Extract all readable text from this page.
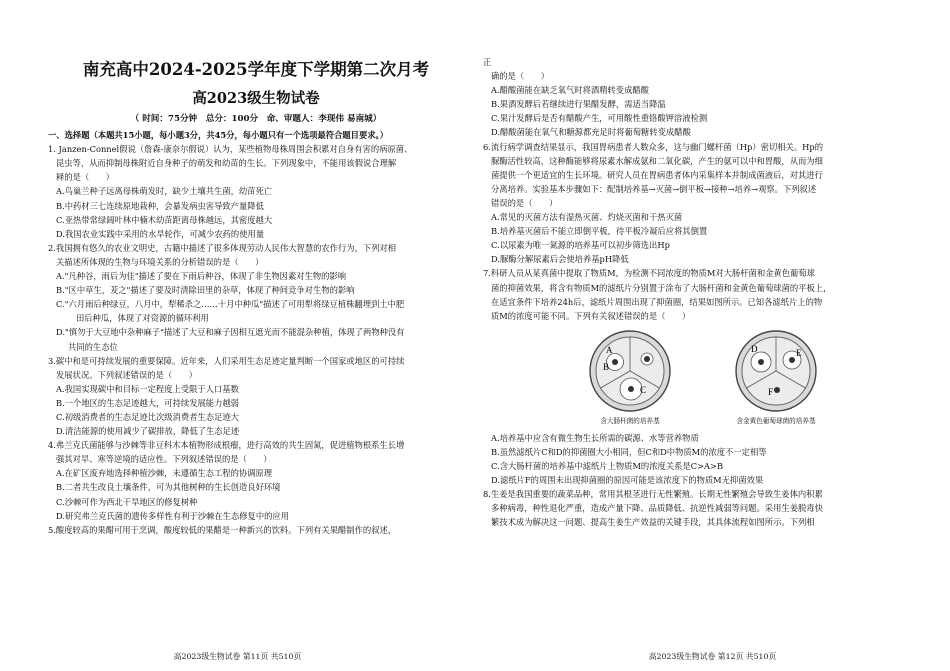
南充高中2024-2025学年度下学期第二次月考
高2023级生物试卷
（ 时间：75分钟　总分：100分　命、审题人：李现伟 易南城）
一、选择题（本题共15小题，每小题3分，共45分，每小题只有一个选项最符合题目要求。）
1. Janzen-Connel假说（詹森-康奈尔假说）认为，某些植物母株周围会积累对自身有害的病原菌、
昆虫等，从而抑制母株附近自身种子的萌发和幼苗的生长。下列现象中，不能用该假说合理解
释的是（　　）
A.鸟巢兰种子远离母株萌发时，缺少土壤共生菌，幼苗死亡
B.中药材三七连续原地栽种，会暴发病虫害导致产量降低
C.亚热带常绿阔叶林中楠木幼苗距离母株越远，其密度越大
D.我国农业实践中采用的水旱轮作，可减少农药的使用量
2.我国拥有悠久的农业文明史，古籍中描述了很多体现劳动人民伟大智慧的农作行为，下列对相
关描述所体现的生物与环境关系的分析错误的是（　　）
A."凡种谷，雨后为佳"描述了要在下雨后种谷，体现了非生物因素对生物的影响
B."区中草生，茇之"描述了要及时清除田里的杂草，体现了种间竞争对生物的影响
C."六月雨后种绿豆，八月中，犁稀杀之……十月中种瓜"描述了可用犁将绿豆植株翻埋到土中肥
田后种瓜，体现了对资源的循环利用
D."慎勿于大豆地中杂种麻子"描述了大豆和麻子因相互遮光而不能混杂种植，体现了两物种没有
共同的生态位
3.碳中和是可持续发展的重要保障。近年来，人们采用生态足迹定量判断一个国家或地区的可持续
发展状况。下列叙述错误的是（　　）
A.我国实现碳中和目标一定程度上受限于人口基数
B.一个地区的生态足迹越大，可持续发展能力越弱
C.初级消费者的生态足迹比次级消费者生态足迹大
D.清洁能源的使用减少了碳排放，降低了生态足迹
4.弗兰克氏菌能够与沙棘等非豆科木本植物形成根瘤，进行高效的共生固氮，促进植物根系生长增
强其对旱、寒等逆境的适应性。下列叙述错误的是（　　）
A.在矿区废弃地选择种植沙棘，未遵循生态工程的协调原理
B.二者共生改良土壤条件，可为其他树种的生长创造良好环境
C.沙棘可作为西北干旱地区的修复树种
D.研究弗兰克氏菌的遗传多样性有利于沙棘在生态修复中的应用
5.酸度较高的果醋可用于烹调，酸度较低的果醋是一种新兴的饮料。下列有关果醋制作的叙述，
高2023级生物试卷 第11页 共510页
正
确的是（　　）
A.醋酸菌能在缺乏氧气时将酒精转变成醋酸
B.果酒发酵后若继续进行果醋发酵，需适当降温
C.果汁发酵后是否有醋酸产生，可用酸性重铬酸钾溶液检测
D.醋酸菌能在氧气和糖源都充足时将葡萄糖转变成醋酸
6.流行病学调查结果显示，我国胃病患者人数众多，这与幽门螺杆菌（Hp）密切相关。Hp的
脲酶活性较高，这种酶能够将尿素水解成氨和二氧化碳，产生的氨可以中和胃酸，从而为细
菌提供一个更适宜的生长环境。研究人员在胃病患者体内采集样本并制成菌液后，对其进行
分离培养。实验基本步骤如下：配制培养基→灭菌→倒平板→接种→培养→观察。下列叙述
错误的是（　　）
A.常见的灭菌方法有湿热灭菌、灼烧灭菌和干热灭菌
B.培养基灭菌后不能立即倒平板，待平板冷凝后应将其倒置
C.以尿素为唯一氮源的培养基可以初步筛选出Hp
D.脲酶分解尿素后会使培养基pH降低
7.科研人员从某真菌中提取了物质M，为检测不同浓度的物质M对大肠杆菌和金黄色葡萄球
菌的抑菌效果，将含有物质M的滤纸片分别置于涂布了大肠杆菌和金黄色葡萄球菌的平板上，
在适宜条件下培养24h后，滤纸片周围出现了抑菌圈，结果如图所示。已知各滤纸片上的物
质M的浓度可能不同。下列有关叙述错误的是（　　）
A
B
C
含大肠杆菌的培养基
D	E
F
含金黄色葡萄球菌的培养基
A.培养基中应含有微生物生长所需的碳源、水等营养物质
B.虽然滤纸片C和D的抑菌圈大小相同，但C和D中物质M的浓度不一定相等
C.含大肠杆菌的培养基中滤纸片上物质M的浓度关系是C>A>B
D.滤纸片F的周围未出现抑菌圈的原因可能是该浓度下的物质M无抑菌效果
8.生姜是我国重要的蔬菜品种，常用其根茎进行无性繁殖。长期无性繁殖会导致生姜体内积累
多种病毒，种性退化严重，造成产量下降、品质降低、抗逆性减弱等问题。采用生姜脱毒快
繁技术成为解决这一问题、提高生姜生产效益的关键手段，其具体流程如图所示。下列相
高2023级生物试卷 第12页 共510页
